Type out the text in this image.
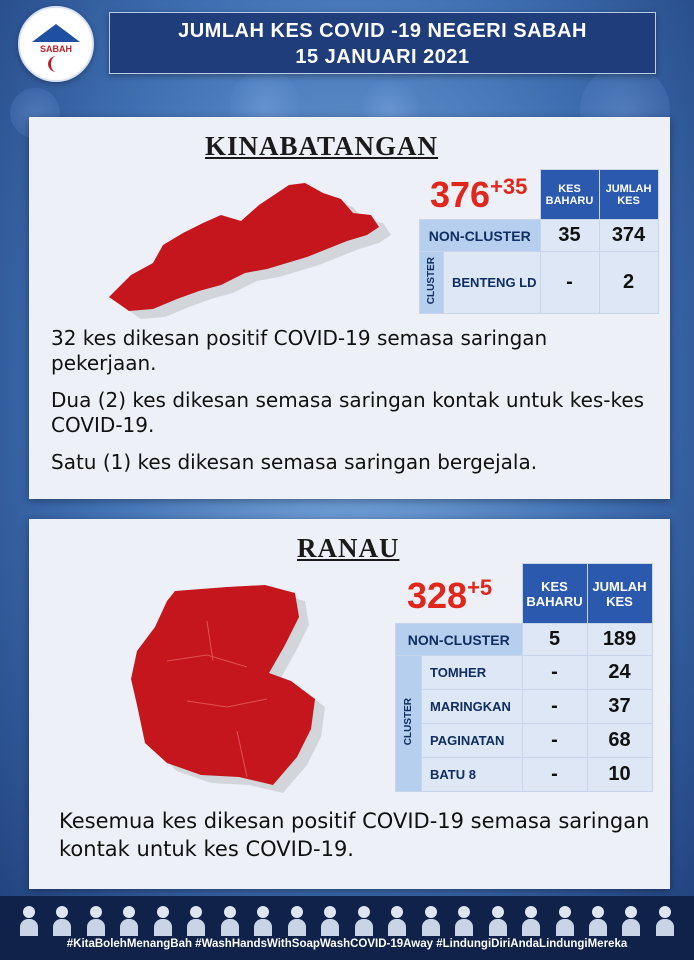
SABAH
JUMLAH KES COVID -19 NEGERI SABAH
15 JANUARI 2021
KINABATANGAN
$376^{+35}$
			KES BAHARU	JUMLAH KES
NON-CLUSTER		35	374
CLUSTER	BENTENG LD	-	2
32 kes dikesan positif COVID-19 semasa saringan pekerjaan.
Dua (2) kes dikesan semasa saringan kontak untuk kes-kes COVID-19.
Satu (1) kes dikesan semasa saringan bergejala.
RANAU
$328^{+5}$
			KES BAHARU	JUMLAH KES
NON-CLUSTER		5	189
CLUSTER	TOMHER	-	24
	MARINGKAN	-	37
	PAGINATAN	-	68
	BATU 8	-	10
Kesemua kes dikesan positif COVID-19 semasa saringan kontak untuk kes COVID-19.
#KitaBolehMenangBah #WashHandsWithSoapWashCOVID-19Away #LindungiDiriAndaLindungiMereka
